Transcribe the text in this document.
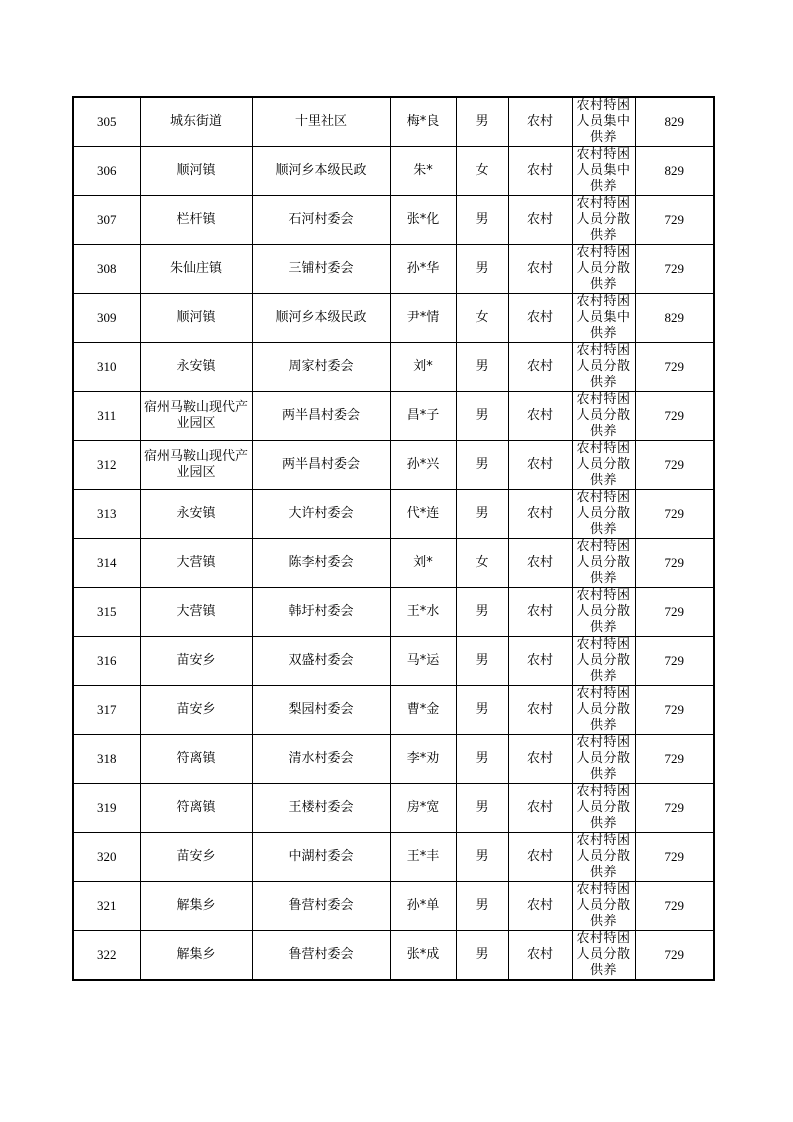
305	城东街道	十里社区	梅*良	男	农村	农村特困人员集中供养	829
306	顺河镇	顺河乡本级民政	朱*	女	农村	农村特困人员集中供养	829
307	栏杆镇	石河村委会	张*化	男	农村	农村特困人员分散供养	729
308	朱仙庄镇	三铺村委会	孙*华	男	农村	农村特困人员分散供养	729
309	顺河镇	顺河乡本级民政	尹*情	女	农村	农村特困人员集中供养	829
310	永安镇	周家村委会	刘*	男	农村	农村特困人员分散供养	729
311	宿州马鞍山现代产业园区	两半昌村委会	昌*子	男	农村	农村特困人员分散供养	729
312	宿州马鞍山现代产业园区	两半昌村委会	孙*兴	男	农村	农村特困人员分散供养	729
313	永安镇	大许村委会	代*连	男	农村	农村特困人员分散供养	729
314	大营镇	陈李村委会	刘*	女	农村	农村特困人员分散供养	729
315	大营镇	韩圩村委会	王*水	男	农村	农村特困人员分散供养	729
316	苗安乡	双盛村委会	马*运	男	农村	农村特困人员分散供养	729
317	苗安乡	梨园村委会	曹*金	男	农村	农村特困人员分散供养	729
318	符离镇	清水村委会	李*劝	男	农村	农村特困人员分散供养	729
319	符离镇	王楼村委会	房*宽	男	农村	农村特困人员分散供养	729
320	苗安乡	中湖村委会	王*丰	男	农村	农村特困人员分散供养	729
321	解集乡	鲁营村委会	孙*单	男	农村	农村特困人员分散供养	729
322	解集乡	鲁营村委会	张*成	男	农村	农村特困人员分散供养	729
